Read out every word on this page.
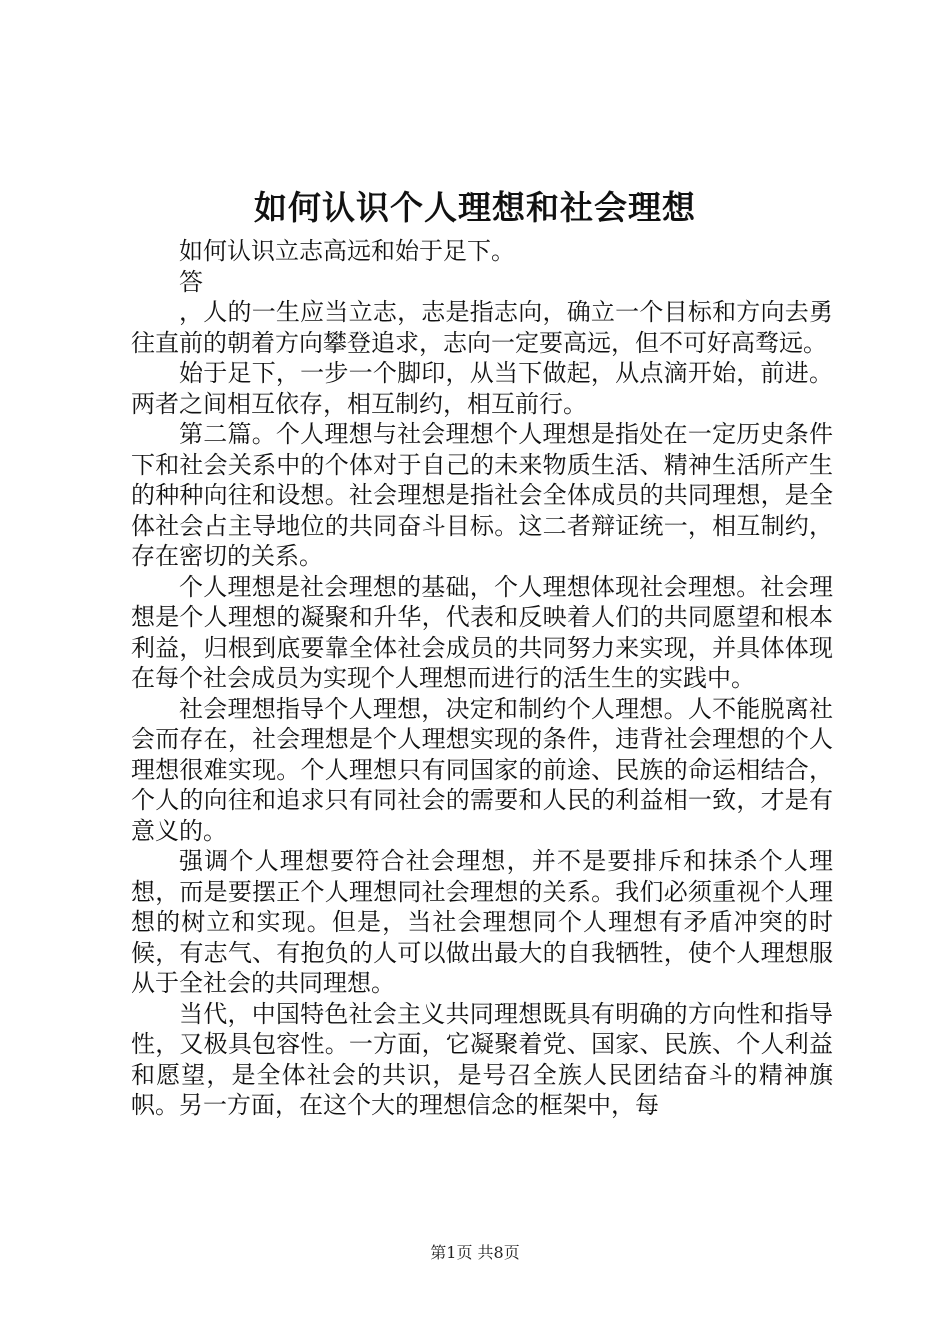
如何认识个人理想和社会理想

如何认识立志高远和始于足下。

答

，人的一生应当立志，志是指志向，确立一个目标和方向去勇往直前的朝着方向攀登追求，志向一定要高远，但不可好高骛远。

始于足下，一步一个脚印，从当下做起，从点滴开始，前进。两者之间相互依存，相互制约，相互前行。

第二篇。个人理想与社会理想个人理想是指处在一定历史条件下和社会关系中的个体对于自己的未来物质生活、精神生活所产生的种种向往和设想。社会理想是指社会全体成员的共同理想，是全体社会占主导地位的共同奋斗目标。这二者辩证统一，相互制约，存在密切的关系。

个人理想是社会理想的基础，个人理想体现社会理想。社会理想是个人理想的凝聚和升华，代表和反映着人们的共同愿望和根本利益，归根到底要靠全体社会成员的共同努力来实现，并具体体现在每个社会成员为实现个人理想而进行的活生生的实践中。

社会理想指导个人理想，决定和制约个人理想。人不能脱离社会而存在，社会理想是个人理想实现的条件，违背社会理想的个人理想很难实现。个人理想只有同国家的前途、民族的命运相结合，个人的向往和追求只有同社会的需要和人民的利益相一致，才是有意义的。

强调个人理想要符合社会理想，并不是要排斥和抹杀个人理想，而是要摆正个人理想同社会理想的关系。我们必须重视个人理想的树立和实现。但是，当社会理想同个人理想有矛盾冲突的时候，有志气、有抱负的人可以做出最大的自我牺牲，使个人理想服从于全社会的共同理想。

当代，中国特色社会主义共同理想既具有明确的方向性和指导性，又极具包容性。一方面，它凝聚着党、国家、民族、个人利益和愿望，是全体社会的共识，是号召全族人民团结奋斗的精神旗帜。另一方面，在这个大的理想信念的框架中，每

第1页 共8页
